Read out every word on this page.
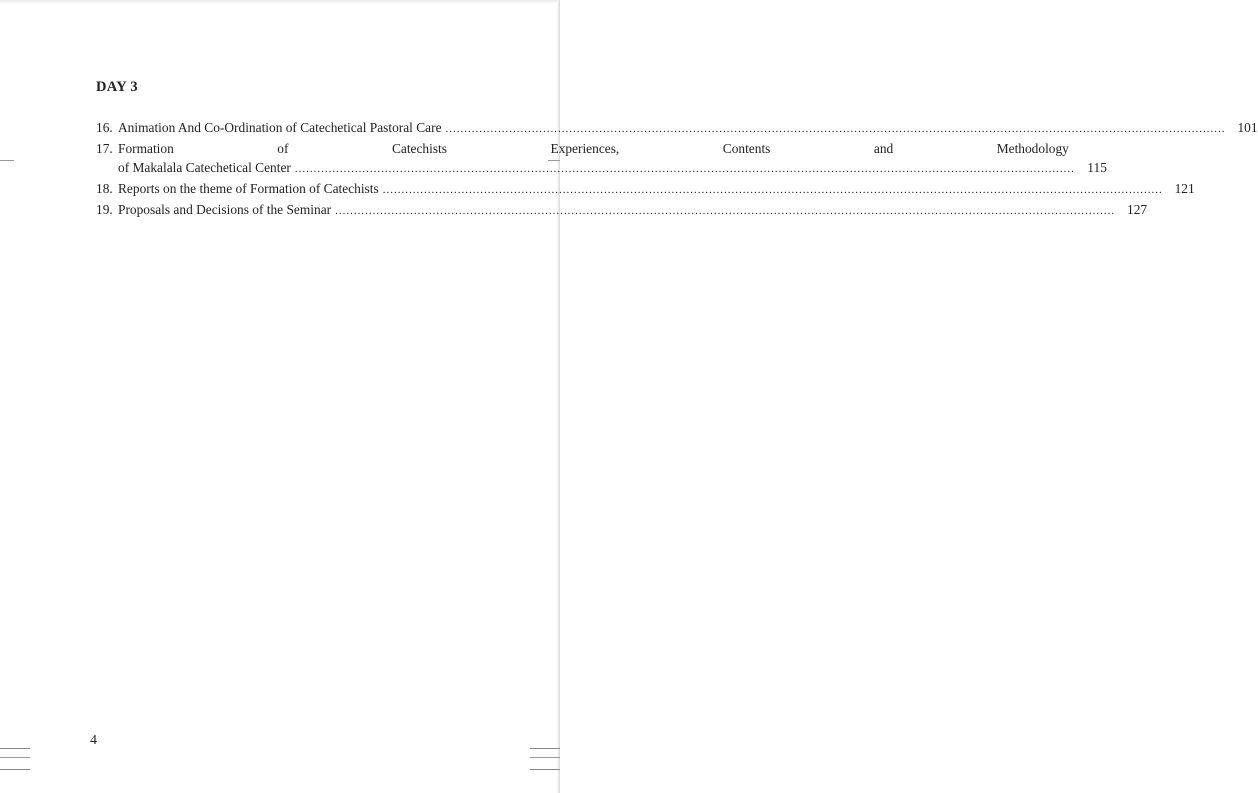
DAY 3
16. Animation And Co-Ordination of Catechetical Pastoral Care .....	101
17. Formation of Catechists Experiences, Contents and Methodology
of Makalala Catechetical Center .....	115
18. Reports on the theme of Formation of Catechists .....	121
19. Proposals and Decisions of the Seminar .....	127
4
